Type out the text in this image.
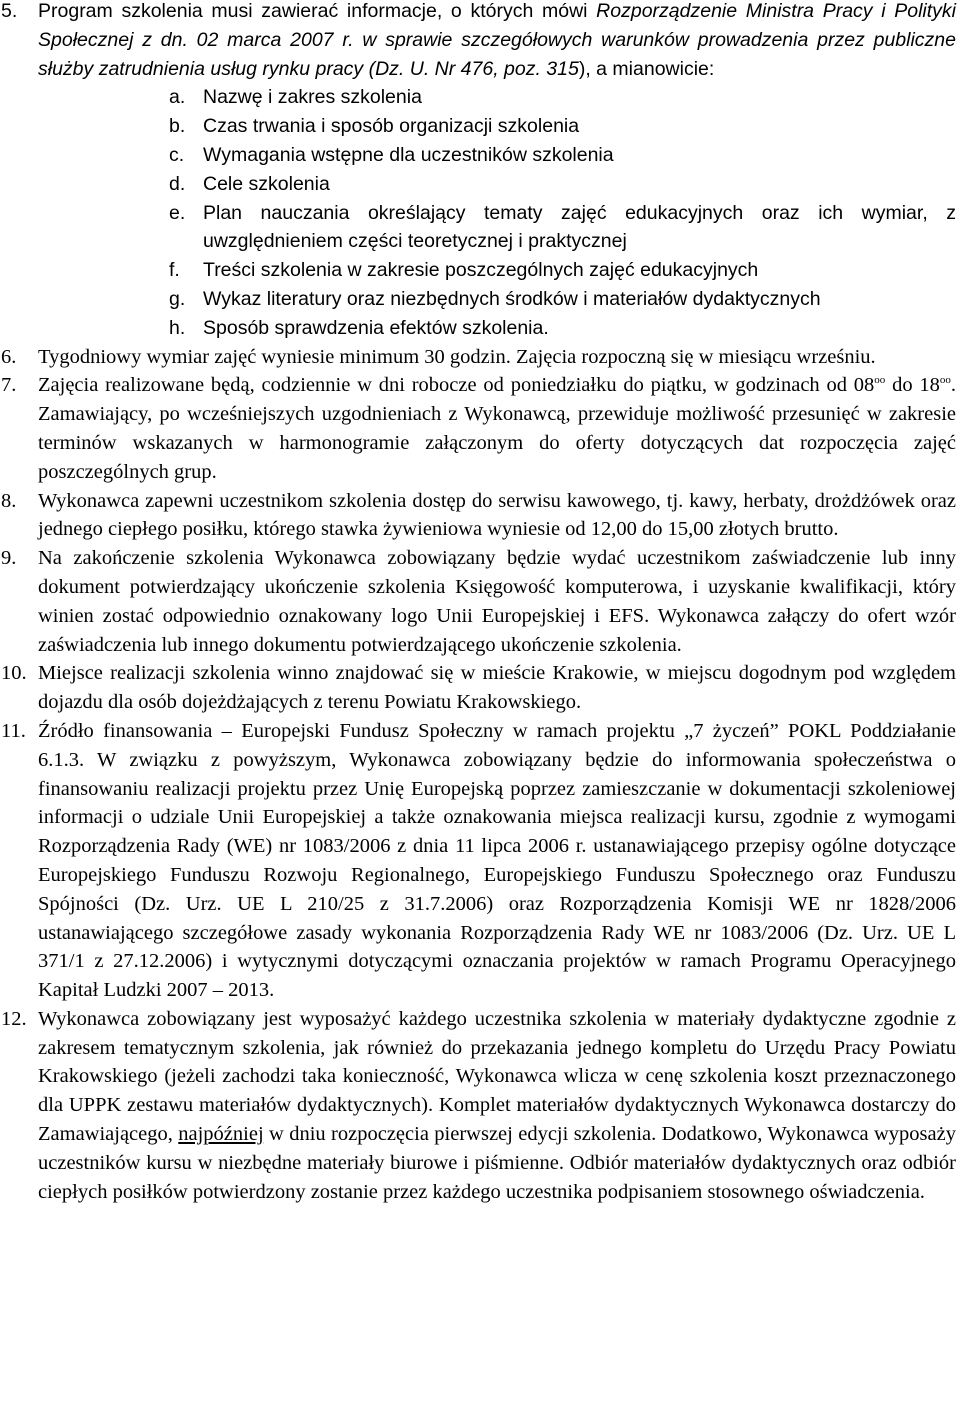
5.	Program szkolenia musi zawierać informacje, o których mówi Rozporządzenie Ministra Pracy i Polityki Społecznej z dn. 02 marca 2007 r. w sprawie szczegółowych warunków prowadzenia przez publiczne służby zatrudnienia usług rynku pracy (Dz. U. Nr 476, poz. 315), a mianowicie:
a. Nazwę i zakres szkolenia
b. Czas trwania i sposób organizacji szkolenia
c. Wymagania wstępne dla uczestników szkolenia
d. Cele szkolenia
e. Plan nauczania określający tematy zajęć edukacyjnych oraz ich wymiar, z uwzględnieniem części teoretycznej i praktycznej
f.	Treści szkolenia w zakresie poszczególnych zajęć edukacyjnych
g. Wykaz literatury oraz niezbędnych środków i materiałów dydaktycznych
h. Sposób sprawdzenia efektów szkolenia.
6.	Tygodniowy wymiar zajęć wyniesie minimum 30 godzin. Zajęcia rozpoczną się w miesiącu wrześniu.
7.	Zajęcia realizowane będą, codziennie w dni robocze od poniedziałku do piątku, w godzinach od $08^{oo}$ do $18^{oo}$. Zamawiający, po wcześniejszych uzgodnieniach z Wykonawcą, przewiduje możliwość przesunięć w zakresie terminów wskazanych w harmonogramie załączonym do oferty dotyczących dat rozpoczęcia zajęć poszczególnych grup.
8.	Wykonawca zapewni uczestnikom szkolenia dostęp do serwisu kawowego, tj. kawy, herbaty, drożdżówek oraz jednego ciepłego posiłku, którego stawka żywieniowa wyniesie od 12,00 do 15,00 złotych brutto.
9.	Na zakończenie szkolenia Wykonawca zobowiązany będzie wydać uczestnikom zaświadczenie lub inny dokument potwierdzający ukończenie szkolenia Księgowość komputerowa, i uzyskanie kwalifikacji, który winien zostać odpowiednio oznakowany logo Unii Europejskiej i EFS. Wykonawca załączy do ofert wzór zaświadczenia lub innego dokumentu potwierdzającego ukończenie szkolenia.
10. Miejsce realizacji szkolenia winno znajdować się w mieście Krakowie, w miejscu dogodnym pod względem dojazdu dla osób dojeżdżających z terenu Powiatu Krakowskiego.
11. Źródło finansowania – Europejski Fundusz Społeczny w ramach projektu „7 życzeń” POKL Poddziałanie 6.1.3. W związku z powyższym, Wykonawca zobowiązany będzie do informowania społeczeństwa o finansowaniu realizacji projektu przez Unię Europejską poprzez zamieszczanie w dokumentacji szkoleniowej informacji o udziale Unii Europejskiej a także oznakowania miejsca realizacji kursu, zgodnie z wymogami Rozporządzenia Rady (WE) nr 1083/2006 z dnia 11 lipca 2006 r. ustanawiającego przepisy ogólne dotyczące Europejskiego Funduszu Rozwoju Regionalnego, Europejskiego Funduszu Społecznego oraz Funduszu Spójności (Dz. Urz. UE L 210/25 z 31.7.2006) oraz Rozporządzenia Komisji WE nr 1828/2006 ustanawiającego szczegółowe zasady wykonania Rozporządzenia Rady WE nr 1083/2006 (Dz. Urz. UE L 371/1 z 27.12.2006) i wytycznymi dotyczącymi oznaczania projektów w ramach Programu Operacyjnego Kapitał Ludzki 2007 – 2013.
12. Wykonawca zobowiązany jest wyposażyć każdego uczestnika szkolenia w materiały dydaktyczne zgodnie z zakresem tematycznym szkolenia, jak również do przekazania jednego kompletu do Urzędu Pracy Powiatu Krakowskiego (jeżeli zachodzi taka konieczność, Wykonawca wlicza w cenę szkolenia koszt przeznaczonego dla UPPK zestawu materiałów dydaktycznych). Komplet materiałów dydaktycznych Wykonawca dostarczy do Zamawiającego, najpóźniej w dniu rozpoczęcia pierwszej edycji szkolenia. Dodatkowo, Wykonawca wyposaży uczestników kursu w niezbędne materiały biurowe i piśmienne. Odbiór materiałów dydaktycznych oraz odbiór ciepłych posiłków potwierdzony zostanie przez każdego uczestnika podpisaniem stosownego oświadczenia.
